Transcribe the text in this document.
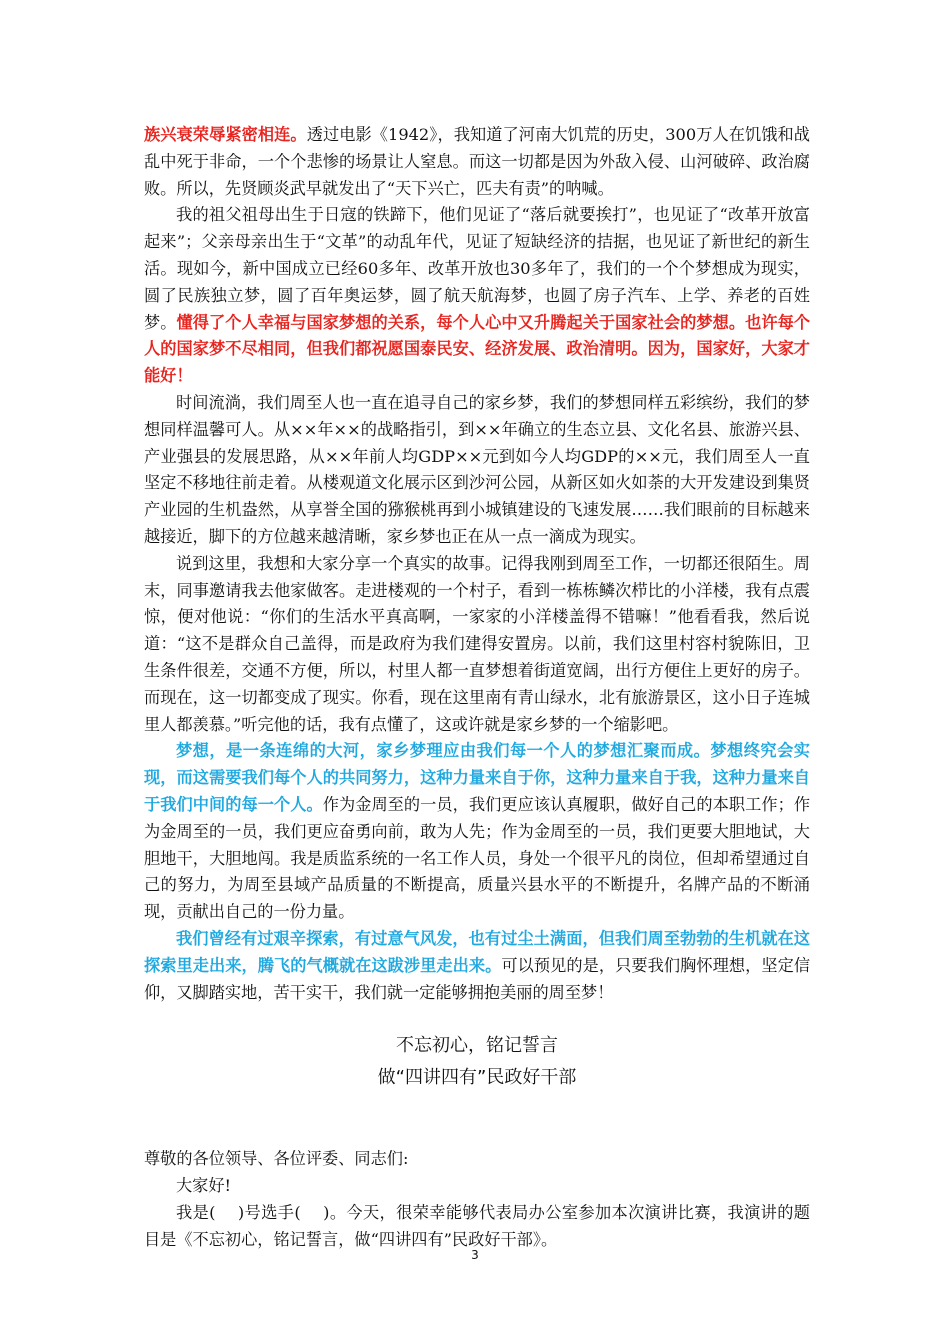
族兴衰荣辱紧密相连。透过电影《1942》，我知道了河南大饥荒的历史，300万人在饥饿和战乱中死于非命，一个个悲惨的场景让人窒息。而这一切都是因为外敌入侵、山河破碎、政治腐败。所以，先贤顾炎武早就发出了“天下兴亡，匹夫有责”的呐喊。

我的祖父祖母出生于日寇的铁蹄下，他们见证了“落后就要挨打”，也见证了“改革开放富起来”；父亲母亲出生于“文革”的动乱年代，见证了短缺经济的拮据，也见证了新世纪的新生活。现如今，新中国成立已经60多年、改革开放也30多年了，我们的一个个梦想成为现实，圆了民族独立梦，圆了百年奥运梦，圆了航天航海梦，也圆了房子汽车、上学、养老的百姓梦。懂得了个人幸福与国家梦想的关系，每个人心中又升腾起关于国家社会的梦想。也许每个人的国家梦不尽相同，但我们都祝愿国泰民安、经济发展、政治清明。因为，国家好，大家才能好！

时间流淌，我们周至人也一直在追寻自己的家乡梦，我们的梦想同样五彩缤纷，我们的梦想同样温馨可人。从××年××的战略指引，到××年确立的生态立县、文化名县、旅游兴县、产业强县的发展思路，从××年前人均GDP××元到如今人均GDP的××元，我们周至人一直坚定不移地往前走着。从楼观道文化展示区到沙河公园，从新区如火如荼的大开发建设到集贤产业园的生机盎然，从享誉全国的猕猴桃再到小城镇建设的飞速发展……我们眼前的目标越来越接近，脚下的方位越来越清晰，家乡梦也正在从一点一滴成为现实。

说到这里，我想和大家分享一个真实的故事。记得我刚到周至工作，一切都还很陌生。周末，同事邀请我去他家做客。走进楼观的一个村子，看到一栋栋鳞次栉比的小洋楼，我有点震惊，便对他说：“你们的生活水平真高啊，一家家的小洋楼盖得不错嘛！”他看看我，然后说道：“这不是群众自己盖得，而是政府为我们建得安置房。以前，我们这里村容村貌陈旧，卫生条件很差，交通不方便，所以，村里人都一直梦想着街道宽阔，出行方便住上更好的房子。而现在，这一切都变成了现实。你看，现在这里南有青山绿水，北有旅游景区，这小日子连城里人都羡慕。”听完他的话，我有点懂了，这或许就是家乡梦的一个缩影吧。

梦想，是一条连绵的大河，家乡梦理应由我们每一个人的梦想汇聚而成。梦想终究会实现，而这需要我们每个人的共同努力，这种力量来自于你，这种力量来自于我，这种力量来自于我们中间的每一个人。作为金周至的一员，我们更应该认真履职，做好自己的本职工作；作为金周至的一员，我们更应奋勇向前，敢为人先；作为金周至的一员，我们更要大胆地试，大胆地干，大胆地闯。我是质监系统的一名工作人员，身处一个很平凡的岗位，但却希望通过自己的努力，为周至县域产品质量的不断提高，质量兴县水平的不断提升，名牌产品的不断涌现，贡献出自己的一份力量。

我们曾经有过艰辛探索，有过意气风发，也有过尘土满面，但我们周至勃勃的生机就在这探索里走出来，腾飞的气概就在这跋涉里走出来。可以预见的是，只要我们胸怀理想，坚定信仰，又脚踏实地，苦干实干，我们就一定能够拥抱美丽的周至梦！

不忘初心，铭记誓言

做“四讲四有”民政好干部

尊敬的各位领导、各位评委、同志们:

大家好!

我是(　 )号选手(　 )。今天，很荣幸能够代表局办公室参加本次演讲比赛，我演讲的题目是《不忘初心，铭记誓言，做“四讲四有”民政好干部》。

3
